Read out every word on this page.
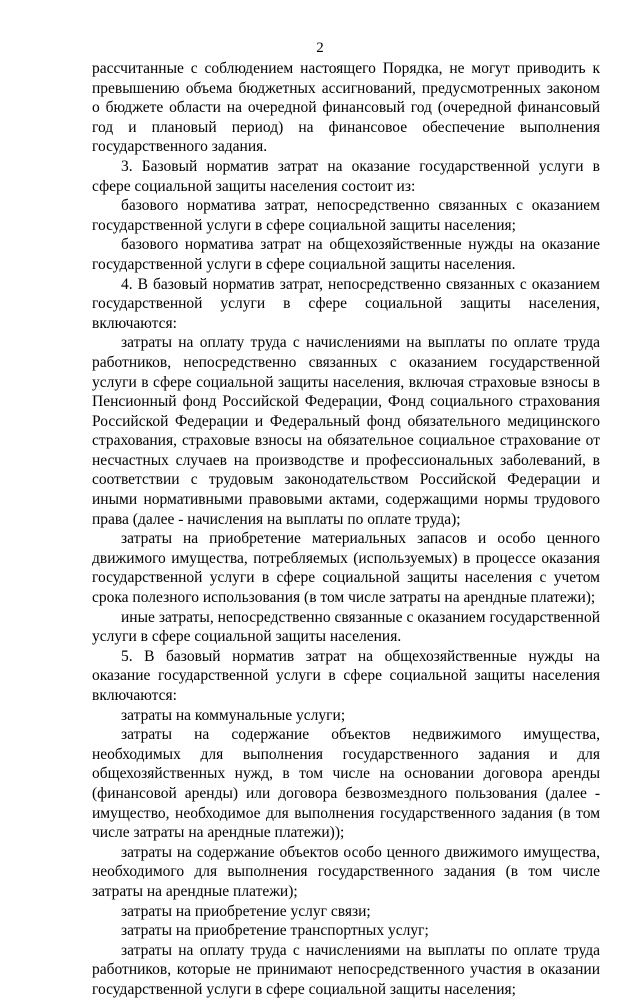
2

рассчитанные с соблюдением настоящего Порядка, не могут приводить к превышению объема бюджетных ассигнований, предусмотренных законом о бюджете области на очередной финансовый год (очередной финансовый год и плановый период) на финансовое обеспечение выполнения государственного задания.

3. Базовый норматив затрат на оказание государственной услуги в сфере социальной защиты населения состоит из:

базового норматива затрат, непосредственно связанных с оказанием государственной услуги в сфере социальной защиты населения;

базового норматива затрат на общехозяйственные нужды на оказание государственной услуги в сфере социальной защиты населения.

4. В базовый норматив затрат, непосредственно связанных с оказанием государственной услуги в сфере социальной защиты населения, включаются:

затраты на оплату труда с начислениями на выплаты по оплате труда работников, непосредственно связанных с оказанием государственной услуги в сфере социальной защиты населения, включая страховые взносы в Пенсионный фонд Российской Федерации, Фонд социального страхования Российской Федерации и Федеральный фонд обязательного медицинского страхования, страховые взносы на обязательное социальное страхование от несчастных случаев на производстве и профессиональных заболеваний, в соответствии с трудовым законодательством Российской Федерации и иными нормативными правовыми актами, содержащими нормы трудового права (далее - начисления на выплаты по оплате труда);

затраты на приобретение материальных запасов и особо ценного движимого имущества, потребляемых (используемых) в процессе оказания государственной услуги в сфере социальной защиты населения с учетом срока полезного использования (в том числе затраты на арендные платежи);

иные затраты, непосредственно связанные с оказанием государственной услуги в сфере социальной защиты населения.

5. В базовый норматив затрат на общехозяйственные нужды на оказание государственной услуги в сфере социальной защиты населения включаются:

затраты на коммунальные услуги;

затраты на содержание объектов недвижимого имущества, необходимых для выполнения государственного задания и для общехозяйственных нужд, в том числе на основании договора аренды (финансовой аренды) или договора безвозмездного пользования (далее - имущество, необходимое для выполнения государственного задания (в том числе затраты на арендные платежи));

затраты на содержание объектов особо ценного движимого имущества, необходимого для выполнения государственного задания (в том числе затраты на арендные платежи);

затраты на приобретение услуг связи;

затраты на приобретение транспортных услуг;

затраты на оплату труда с начислениями на выплаты по оплате труда работников, которые не принимают непосредственного участия в оказании государственной услуги в сфере социальной защиты населения;
